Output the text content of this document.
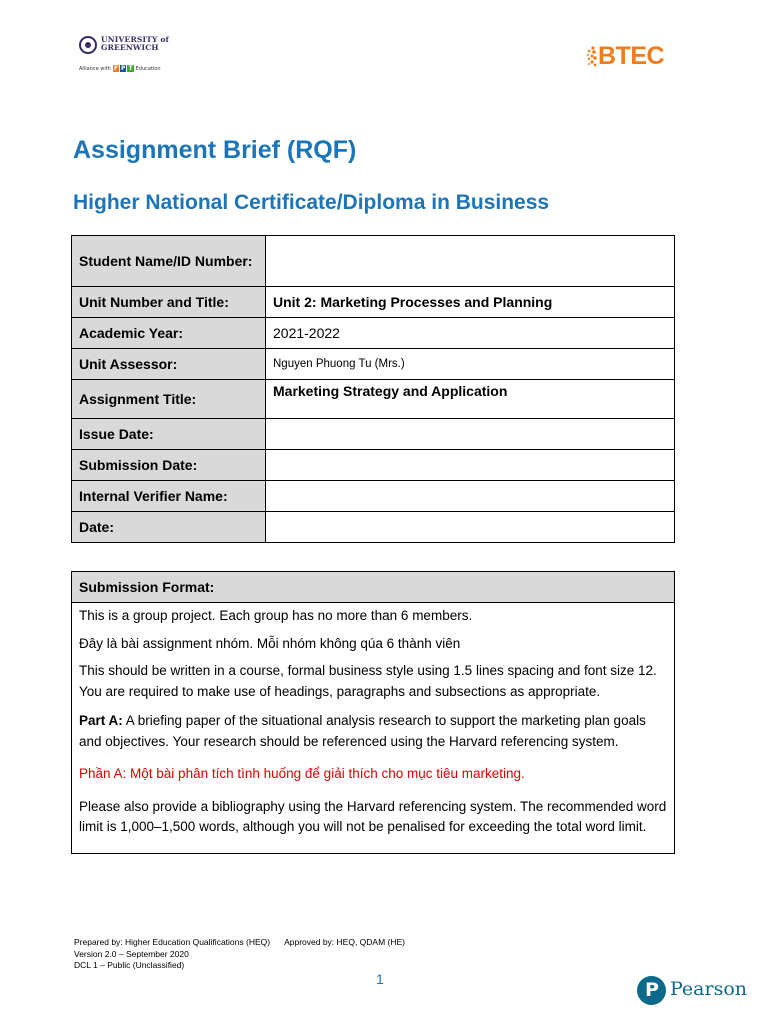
UNIVERSITY of
GREENWICH
Alliance with F P T Education	BTEC
Assignment Brief (RQF)
Higher National Certificate/Diploma in Business
Student Name/ID Number:	
Unit Number and Title:	Unit 2: Marketing Processes and Planning
Academic Year:	2021-2022
Unit Assessor:	Nguyen Phuong Tu (Mrs.)
Assignment Title:	Marketing Strategy and Application
Issue Date:	
Submission Date:	
Internal Verifier Name:	
Date:	
Submission Format:

This is a group project. Each group has no more than 6 members.

Đây là bài assignment nhóm. Mỗi nhóm không qúa 6 thành viên

This should be written in a course, formal business style using 1.5 lines spacing and font size 12. You are required to make use of headings, paragraphs and subsections as appropriate.

Part A: A briefing paper of the situational analysis research to support the marketing plan goals and objectives. Your research should be referenced using the Harvard referencing system.

Phần A: Một bài phân tích tình huống để giải thích cho mục tiêu marketing.

Please also provide a bibliography using the Harvard referencing system. The recommended word limit is 1,000–1,500 words, although you will not be penalised for exceeding the total word limit.

Prepared by: Higher Education Qualifications (HEQ) Approved by: HEQ, QDAM (HE)
Version 2.0 – September 2020
DCL 1 – Public (Unclassified)
1	P Pearson
